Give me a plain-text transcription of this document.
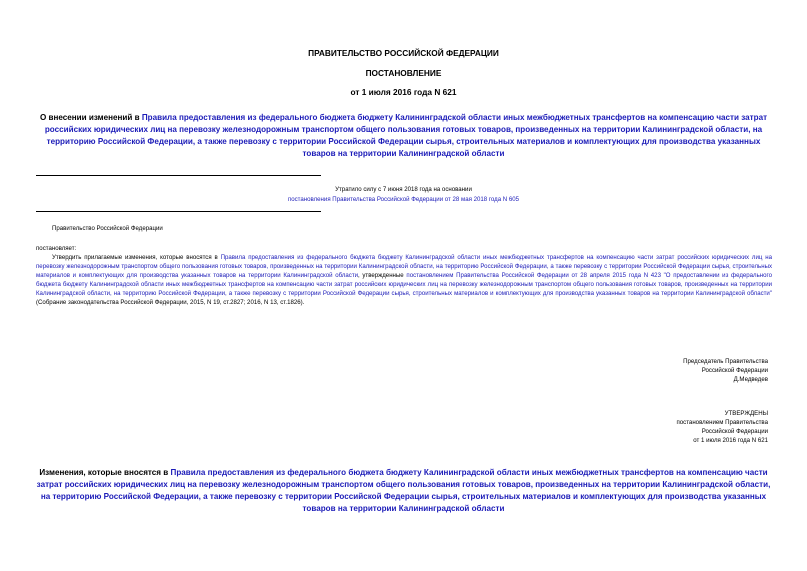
ПРАВИТЕЛЬСТВО РОССИЙСКОЙ ФЕДЕРАЦИИ
ПОСТАНОВЛЕНИЕ
от 1 июля 2016 года N 621
О внесении изменений в Правила предоставления из федерального бюджета бюджету Калининградской области иных межбюджетных трансфертов на компенсацию части затрат российских юридических лиц на перевозку железнодорожным транспортом общего пользования готовых товаров, произведенных на территории Калининградской области, на территорию Российской Федерации, а также перевозку с территории Российской Федерации сырья, строительных материалов и комплектующих для производства указанных товаров на территории Калининградской области
Утратило силу с 7 июня 2018 года на основании
постановления Правительства Российской Федерации от 28 мая 2018 года N 605
Правительство Российской Федерации
постановляет:
Утвердить прилагаемые изменения, которые вносятся в Правила предоставления из федерального бюджета бюджету Калининградской области иных межбюджетных трансфертов на компенсацию части затрат российских юридических лиц на перевозку железнодорожным транспортом общего пользования готовых товаров, произведенных на территории Калининградской области, на территорию Российской Федерации, а также перевозку с территории Российской Федерации сырья, строительных материалов и комплектующих для производства указанных товаров на территории Калининградской области, утвержденные постановлением Правительства Российской Федерации от 28 апреля 2015 года N 423 "О предоставлении из федерального бюджета бюджету Калининградской области иных межбюджетных трансфертов на компенсацию части затрат российских юридических лиц на перевозку железнодорожным транспортом общего пользования готовых товаров, произведенных на территории Калининградской области, на территорию Российской Федерации, а также перевозку с территории Российской Федерации сырья, строительных материалов и комплектующих для производства указанных товаров на территории Калининградской области" (Собрание законодательства Российской Федерации, 2015, N 19, ст.2827; 2016, N 13, ст.1826).
Председатель Правительства
Российской Федерации
Д.Медведев
УТВЕРЖДЕНЫ
постановлением Правительства
Российской Федерации
от 1 июля 2016 года N 621
Изменения, которые вносятся в Правила предоставления из федерального бюджета бюджету Калининградской области иных межбюджетных трансфертов на компенсацию части затрат российских юридических лиц на перевозку железнодорожным транспортом общего пользования готовых товаров, произведенных на территории Калининградской области, на территорию Российской Федерации, а также перевозку с территории Российской Федерации сырья, строительных материалов и комплектующих для производства указанных товаров на территории Калининградской области
